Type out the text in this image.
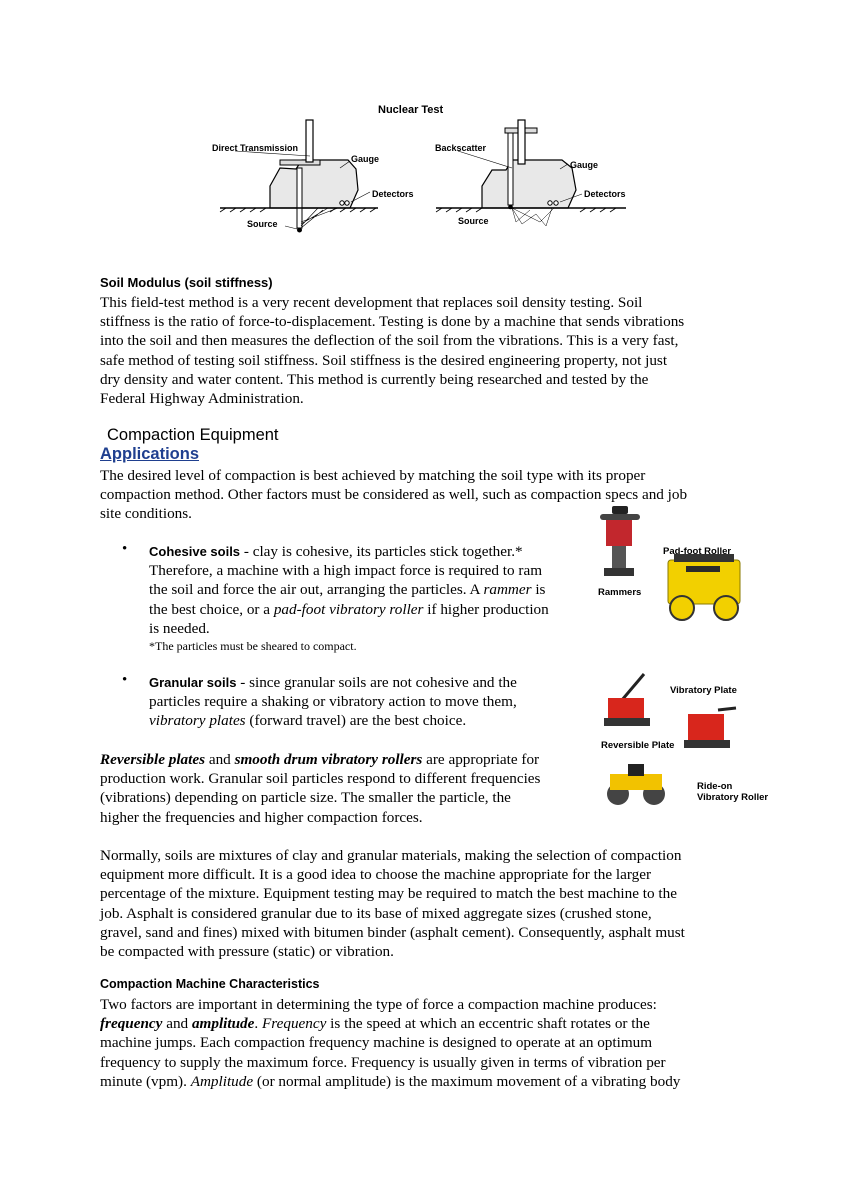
Nuclear Test
Direct Transmission
Gauge
Detectors
Source
Backscatter
Gauge
Detectors
Source
Soil Modulus (soil stiffness)
This field-test method is a very recent development that replaces soil density testing. Soil
stiffness is the ratio of force-to-displacement. Testing is done by a machine that sends vibrations
into the soil and then measures the deflection of the soil from the vibrations. This is a very fast,
safe method of testing soil stiffness. Soil stiffness is the desired engineering property, not just
dry density and water content. This method is currently being researched and tested by the
Federal Highway Administration.
Compaction Equipment
Applications
The desired level of compaction is best achieved by matching the soil type with its proper
compaction method. Other factors must be considered as well, such as compaction specs and job
site conditions.
• Cohesive soils - clay is cohesive, its particles stick together.*
Therefore, a machine with a high impact force is required to ram
the soil and force the air out, arranging the particles. A rammer is
the best choice, or a pad-foot vibratory roller if higher production
is needed.
*The particles must be sheared to compact.
Pad-foot Roller
Rammers
• Granular soils - since granular soils are not cohesive and the
particles require a shaking or vibratory action to move them,
vibratory plates (forward travel) are the best choice.
Vibratory Plate
Reversible Plate
Ride-on
Vibratory Roller
Reversible plates and smooth drum vibratory rollers are appropriate for
production work. Granular soil particles respond to different frequencies
(vibrations) depending on particle size. The smaller the particle, the
higher the frequencies and higher compaction forces.
Normally, soils are mixtures of clay and granular materials, making the selection of compaction
equipment more difficult. It is a good idea to choose the machine appropriate for the larger
percentage of the mixture. Equipment testing may be required to match the best machine to the
job. Asphalt is considered granular due to its base of mixed aggregate sizes (crushed stone,
gravel, sand and fines) mixed with bitumen binder (asphalt cement). Consequently, asphalt must
be compacted with pressure (static) or vibration.
Compaction Machine Characteristics
Two factors are important in determining the type of force a compaction machine produces:
frequency and amplitude. Frequency is the speed at which an eccentric shaft rotates or the
machine jumps. Each compaction frequency machine is designed to operate at an optimum
frequency to supply the maximum force. Frequency is usually given in terms of vibration per
minute (vpm). Amplitude (or normal amplitude) is the maximum movement of a vibrating body
